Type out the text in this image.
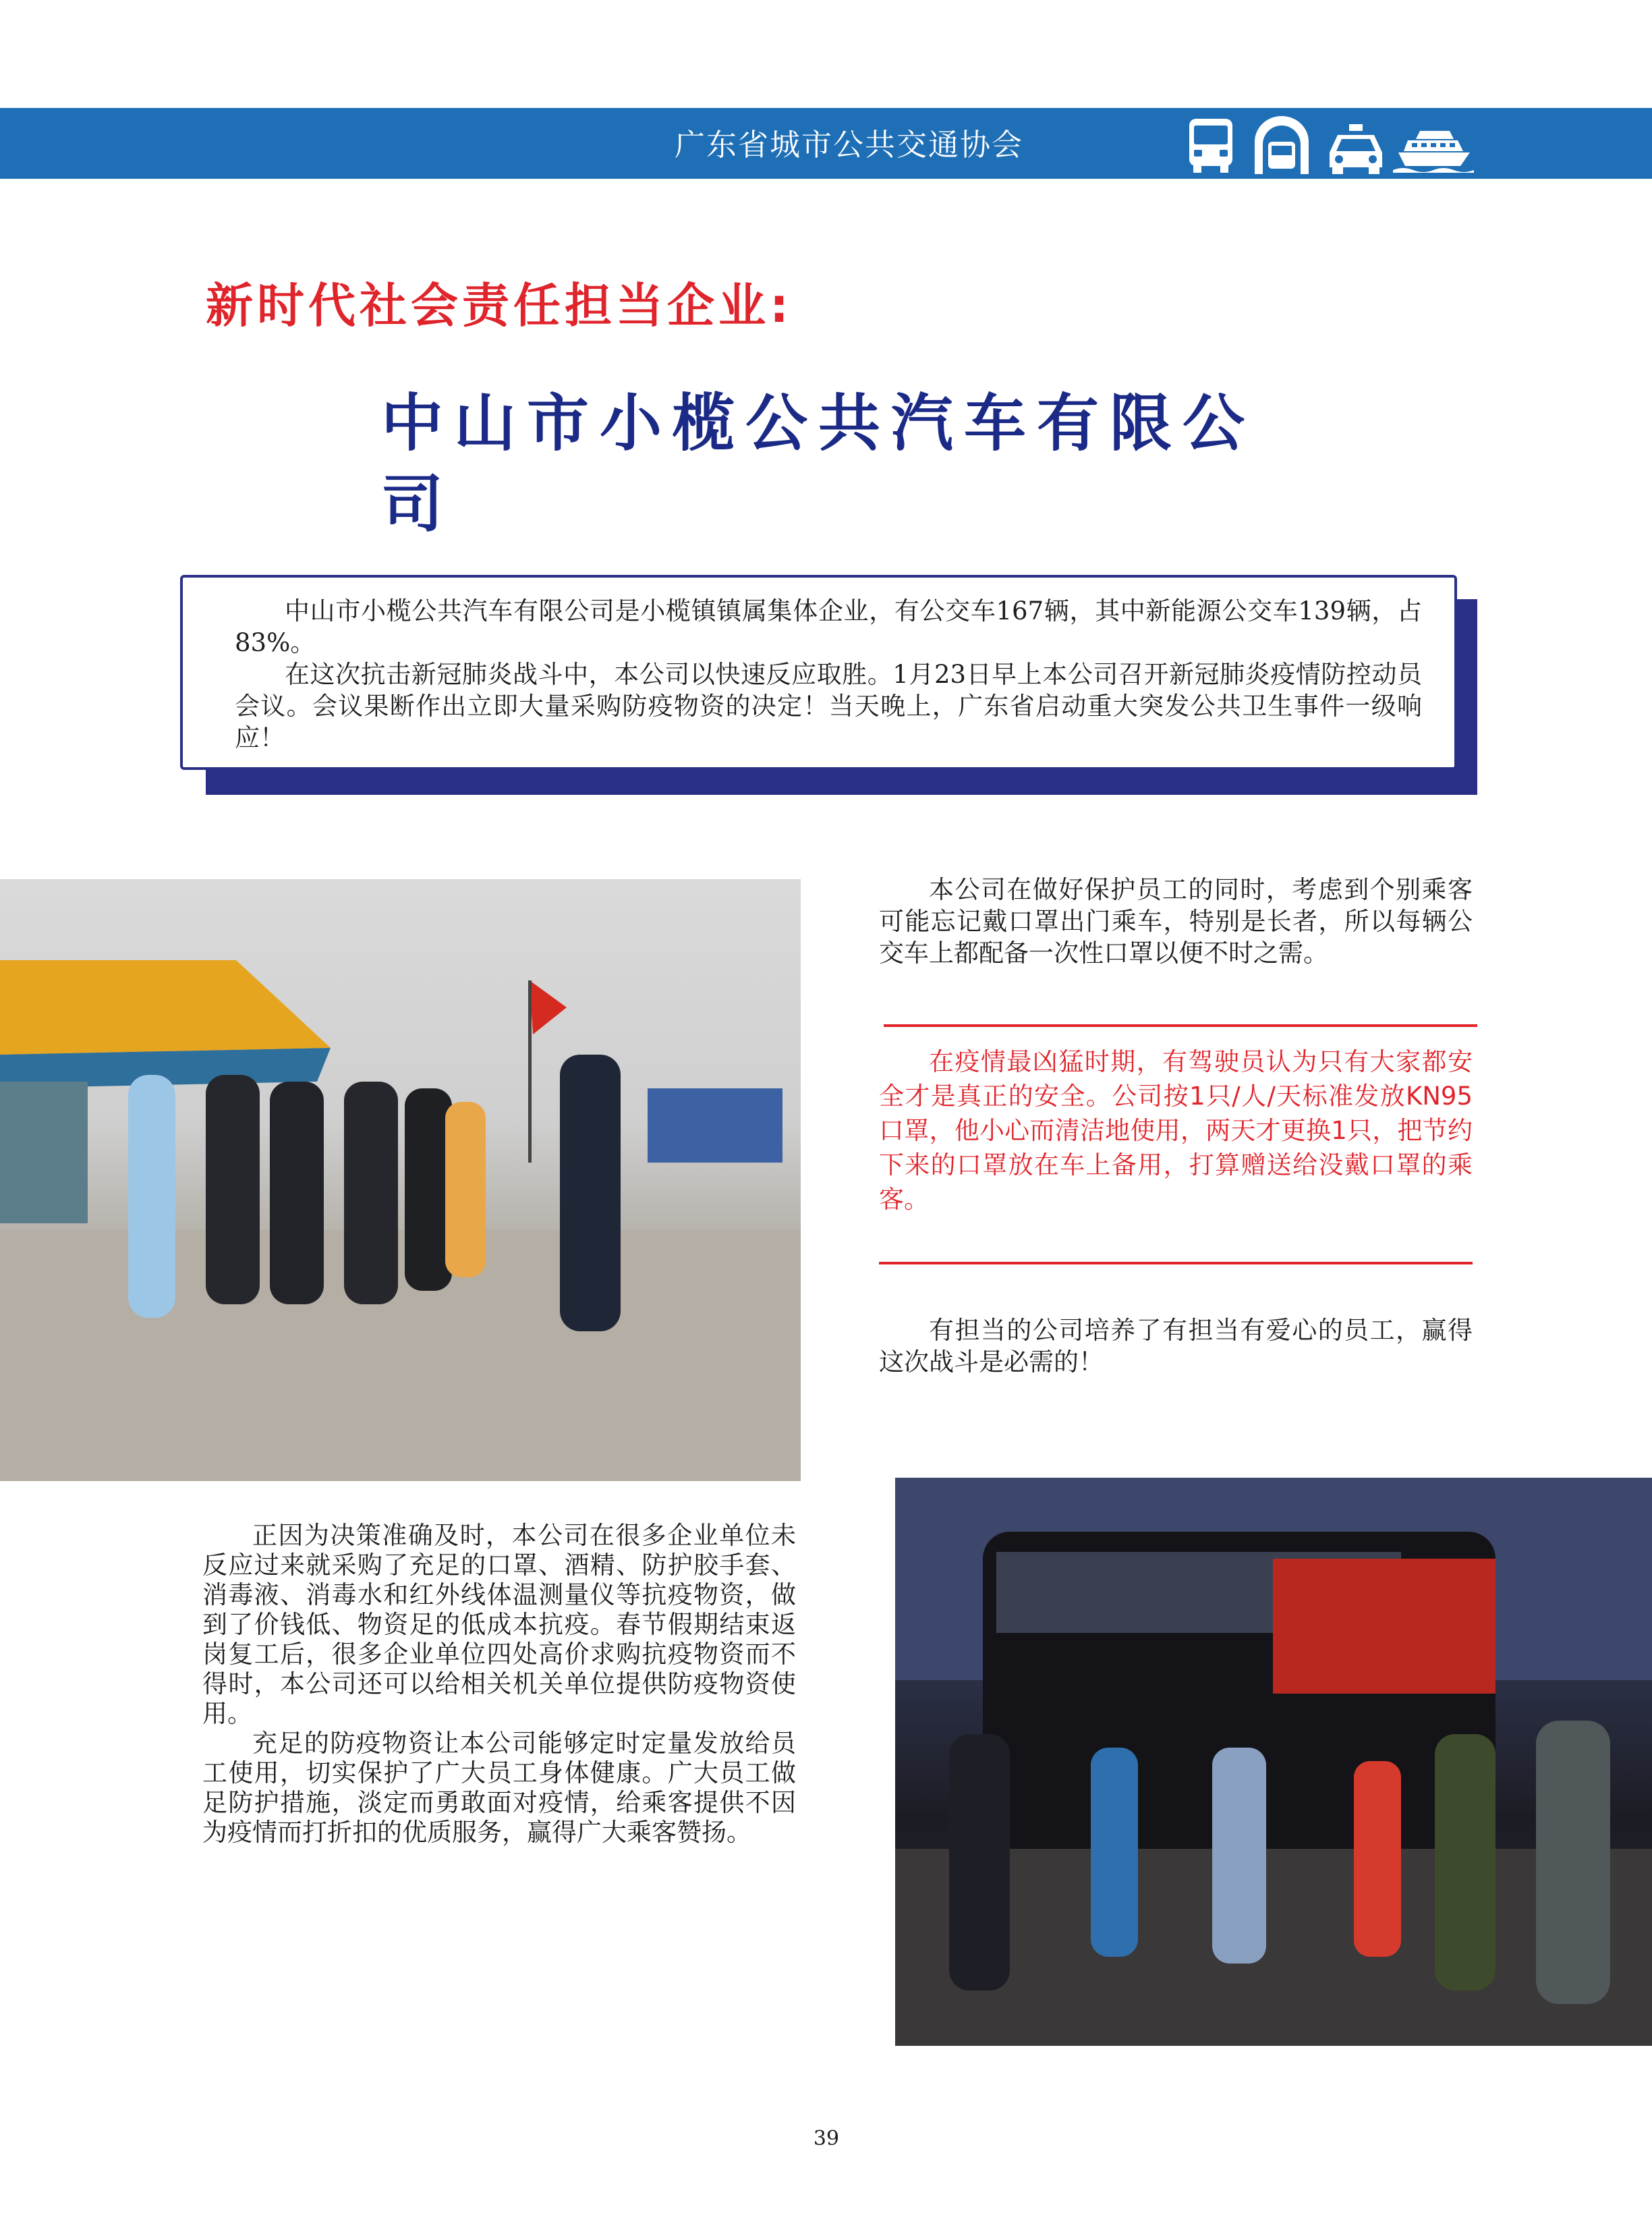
广东省城市公共交通协会
新时代社会责任担当企业:
中山市小榄公共汽车有限公司

中山市小榄公共汽车有限公司是小榄镇镇属集体企业，有公交车167辆，其中新能源公交车139辆，占83%。

在这次抗击新冠肺炎战斗中，本公司以快速反应取胜。1月23日早上本公司召开新冠肺炎疫情防控动员会议。会议果断作出立即大量采购防疫物资的决定！当天晚上，广东省启动重大突发公共卫生事件一级响应！

本公司在做好保护员工的同时，考虑到个别乘客可能忘记戴口罩出门乘车，特别是长者，所以每辆公交车上都配备一次性口罩以便不时之需。

在疫情最凶猛时期，有驾驶员认为只有大家都安全才是真正的安全。公司按1只/人/天标准发放KN95口罩，他小心而清洁地使用，两天才更换1只，把节约下来的口罩放在车上备用，打算赠送给没戴口罩的乘客。

有担当的公司培养了有担当有爱心的员工，赢得这次战斗是必需的！

正因为决策准确及时，本公司在很多企业单位未反应过来就采购了充足的口罩、酒精、防护胶手套、消毒液、消毒水和红外线体温测量仪等抗疫物资，做到了价钱低、物资足的低成本抗疫。春节假期结束返岗复工后，很多企业单位四处高价求购抗疫物资而不得时，本公司还可以给相关机关单位提供防疫物资使用。

充足的防疫物资让本公司能够定时定量发放给员工使用，切实保护了广大员工身体健康。广大员工做足防护措施，淡定而勇敢面对疫情，给乘客提供不因为疫情而打折扣的优质服务，赢得广大乘客赞扬。

39
